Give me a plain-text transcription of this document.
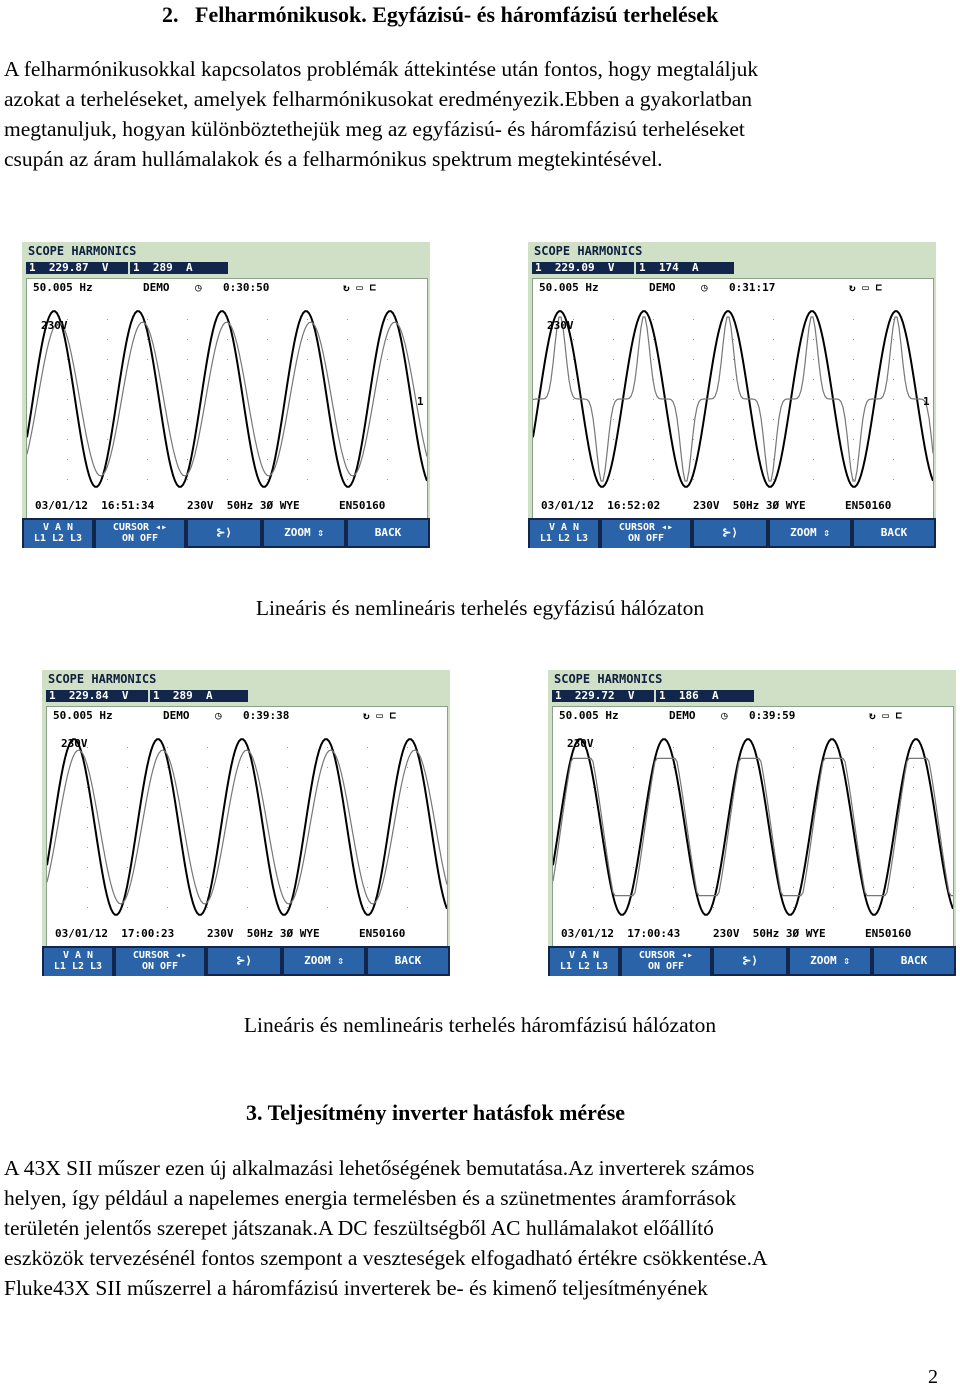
2. Felharmónikusok. Egyfázisú- és háromfázisú terhelések
A felharmónikusokkal kapcsolatos problémák áttekintése után fontos, hogy megtaláljuk
azokat a terheléseket, amelyek felharmónikusokat eredményezik.Ebben a gyakorlatban
megtanuljuk, hogyan különböztethejük meg az egyfázisú- és háromfázisú terheléseket
csupán az áram hullámalakok és a felharmónikus spektrum megtekintésével.
SCOPE HARMONICS
1  229.87  V	1  289  A
50.005 Hz	DEMO ◷ 0:30:50	↻ ▭ ⊏
230V
1
03/01/12  16:51:34	230V  50Hz 3Ø WYE	EN50160
V A N
L1 L2 L3
CURSOR ◂▸
ON OFF	⊱⟩	ZOOM ⇕	BACK
SCOPE HARMONICS
1  229.09  V	1  174  A
50.005 Hz	DEMO ◷ 0:31:17	↻ ▭ ⊏
230V
1
03/01/12  16:52:02	230V  50Hz 3Ø WYE	EN50160
V A N
L1 L2 L3
CURSOR ◂▸
ON OFF	⊱⟩	ZOOM ⇕	BACK
Lineáris és nemlineáris terhelés egyfázisú hálózaton
SCOPE HARMONICS
1  229.84  V	1  289  A
50.005 Hz	DEMO ◷ 0:39:38	↻ ▭ ⊏
230V
03/01/12  17:00:23	230V  50Hz 3Ø WYE	EN50160
V A N
L1 L2 L3
CURSOR ◂▸
ON OFF	⊱⟩	ZOOM ⇕	BACK
SCOPE HARMONICS
1  229.72  V	1  186  A
50.005 Hz	DEMO ◷ 0:39:59	↻ ▭ ⊏
230V
03/01/12  17:00:43	230V  50Hz 3Ø WYE	EN50160
V A N
L1 L2 L3
CURSOR ◂▸
ON OFF	⊱⟩	ZOOM ⇕	BACK
Lineáris és nemlineáris terhelés háromfázisú hálózaton
3. Teljesítmény inverter hatásfok mérése
A 43X SII műszer ezen új alkalmazási lehetőségének bemutatása.Az inverterek számos
helyen, így például a napelemes energia termelésben és a szünetmentes áramforrások
területén jelentős szerepet játszanak.A DC feszültségből AC hullámalakot előállító
eszközök tervezésénél fontos szempont a veszteségek elfogadható értékre csökkentése.A
Fluke43X SII műszerrel a háromfázisú inverterek be- és kimenő teljesítményének
2
